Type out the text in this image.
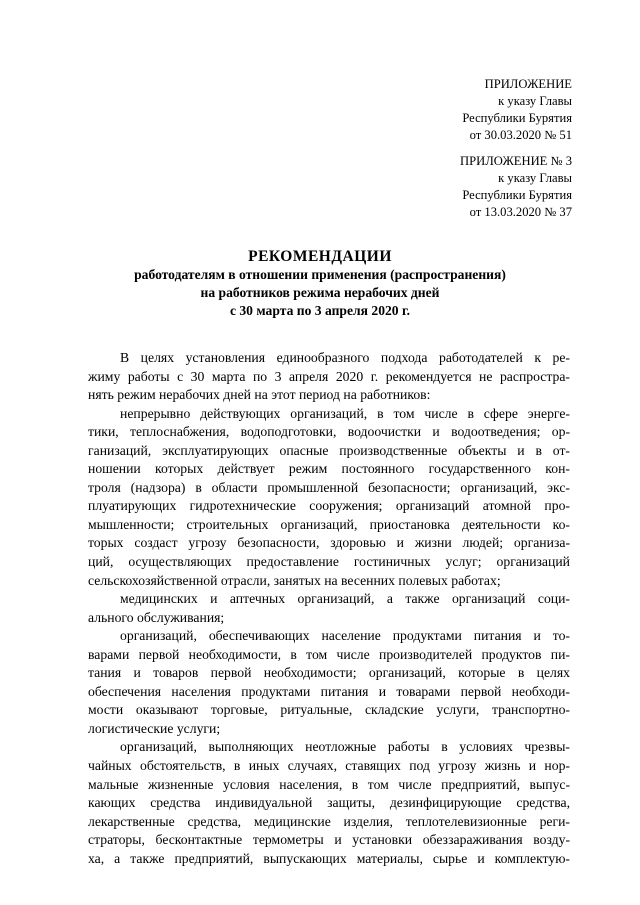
ПРИЛОЖЕНИЕ
к указу Главы
Республики Бурятия
от 30.03.2020 № 51
ПРИЛОЖЕНИЕ № 3
к указу Главы
Республики Бурятия
от 13.03.2020 № 37
РЕКОМЕНДАЦИИ
работодателям в отношении применения (распространения)
на работников режима нерабочих дней
с 30 марта по 3 апреля 2020 г.
В целях установления единообразного подхода работодателей к ре-
жиму работы с 30 марта по 3 апреля 2020 г. рекомендуется не распростра-
нять режим нерабочих дней на этот период на работников:
непрерывно действующих организаций, в том числе в сфере энерге-
тики, теплоснабжения, водоподготовки, водоочистки и водоотведения; ор-
ганизаций, эксплуатирующих опасные производственные объекты и в от-
ношении которых действует режим постоянного государственного кон-
троля (надзора) в области промышленной безопасности; организаций, экс-
плуатирующих гидротехнические сооружения; организаций атомной про-
мышленности; строительных организаций, приостановка деятельности ко-
торых создаст угрозу безопасности, здоровью и жизни людей; организа-
ций, осуществляющих предоставление гостиничных услуг; организаций
сельскохозяйственной отрасли, занятых на весенних полевых работах;
медицинских и аптечных организаций, а также организаций соци-
ального обслуживания;
организаций, обеспечивающих население продуктами питания и то-
варами первой необходимости, в том числе производителей продуктов пи-
тания и товаров первой необходимости; организаций, которые в целях
обеспечения населения продуктами питания и товарами первой необходи-
мости оказывают торговые, ритуальные, складские услуги, транспортно-
логистические услуги;
организаций, выполняющих неотложные работы в условиях чрезвы-
чайных обстоятельств, в иных случаях, ставящих под угрозу жизнь и нор-
мальные жизненные условия населения, в том числе предприятий, выпус-
кающих средства индивидуальной защиты, дезинфицирующие средства,
лекарственные средства, медицинские изделия, теплотелевизионные реги-
страторы, бесконтактные термометры и установки обеззараживания возду-
ха, а также предприятий, выпускающих материалы, сырье и комплектую-
